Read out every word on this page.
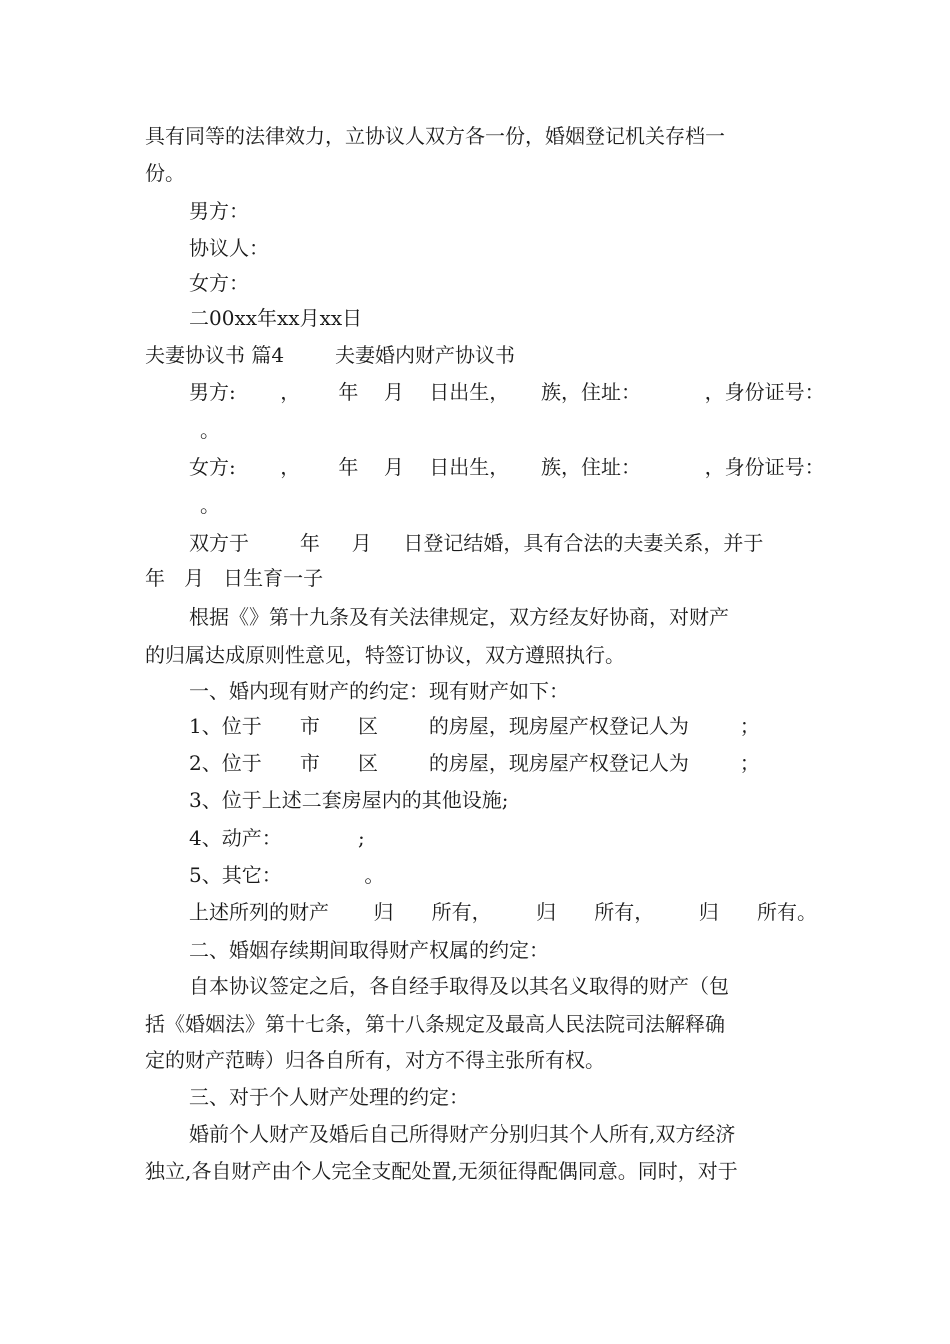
具有同等的法律效力，立协议人双方各一份，婚姻登记机关存档一
份。
男方：
协议人：
女方：
二00xx年xx月xx日
夫妻协议书 篇4        夫妻婚内财产协议书
男方:       ，      年    月    日出生，     族，住址：          ，身份证号：
。
女方:       ，      年    月    日出生，     族，住址：          ，身份证号：
。
双方于        年     月     日登记结婚，具有合法的夫妻关系，并于
年   月   日生育一子
根据《》第十九条及有关法律规定，双方经友好协商，对财产
的归属达成原则性意见，特签订协议，双方遵照执行。
一、婚内现有财产的约定：现有财产如下：
1、位于      市      区        的房屋，现房屋产权登记人为        ；
2、位于      市      区        的房屋，现房屋产权登记人为        ；
3、位于上述二套房屋内的其他设施;
4、动产：            ;
5、其它：             。
上述所列的财产       归      所有，       归      所有，       归      所有。
二、婚姻存续期间取得财产权属的约定：
自本协议签定之后，各自经手取得及以其名义取得的财产（包
括《婚姻法》第十七条，第十八条规定及最高人民法院司法解释确
定的财产范畴）归各自所有，对方不得主张所有权。
三、对于个人财产处理的约定：
婚前个人财产及婚后自己所得财产分别归其个人所有,双方经济
独立,各自财产由个人完全支配处置,无须征得配偶同意。同时，对于
